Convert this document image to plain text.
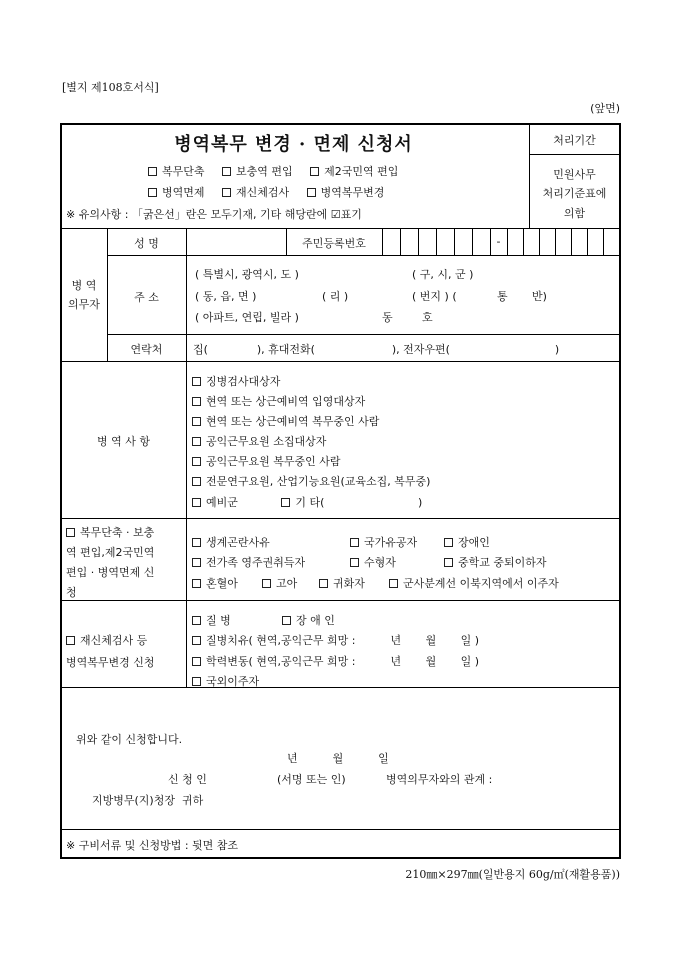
[별지 제108호서식]
(앞면)
병역복무 변경 · 면제 신청서
복무단축	보충역 편입	제2국민역 편입
병역면제	재신체검사	병역복무변경
※ 유의사항 : 「굵은선」란은 모두기재, 기타 해당란에 ☑표기
처리기간
민원사무
처리기준표에
의함
병 역
의무자
성 명	주민등록번호	-
주 소
( 특별시, 광역시, 도 )	( 구, 시, 군 )
( 동, 읍, 면 )	( 리 )	( 번지 ) (	통 반)
( 아파트, 연립, 빌라 )	동	호
연락처	집(              ), 휴대전화(                      ), 전자우편(                              )
병 역 사 항
징병검사대상자
현역 또는 상근예비역 입영대상자
현역 또는 상근예비역 복무중인 사람
공익근무요원 소집대상자
공익근무요원 복무중인 사람
전문연구요원, 산업기능요원(교육소집, 복무중)
예비군	기 타(	)
복무단축 · 보충
역 편입,제2국민역
편입 · 병역면제 신
청
생계곤란사유	국가유공자	장애인
전가족 영주권취득자	수형자	중학교 중퇴이하자
혼혈아	고아	귀화자	군사분계선 이북지역에서 이주자
재신체검사 등
병역복무변경 신청
질 병	장 애 인
질병치유( 현역,공익근무 희망 :          년       월       일 )
학력변동( 현역,공익근무 희망 :          년       월       일 )
국외이주자
위와 같이 신청합니다.
년          월          일
신 청 인	(서명 또는 인)	병역의무자와의 관계 :
지방병무(지)청장  귀하
※ 구비서류 및 신청방법 : 뒷면 참조
210㎜×297㎜(일반용지 60g/㎡(재활용품))
